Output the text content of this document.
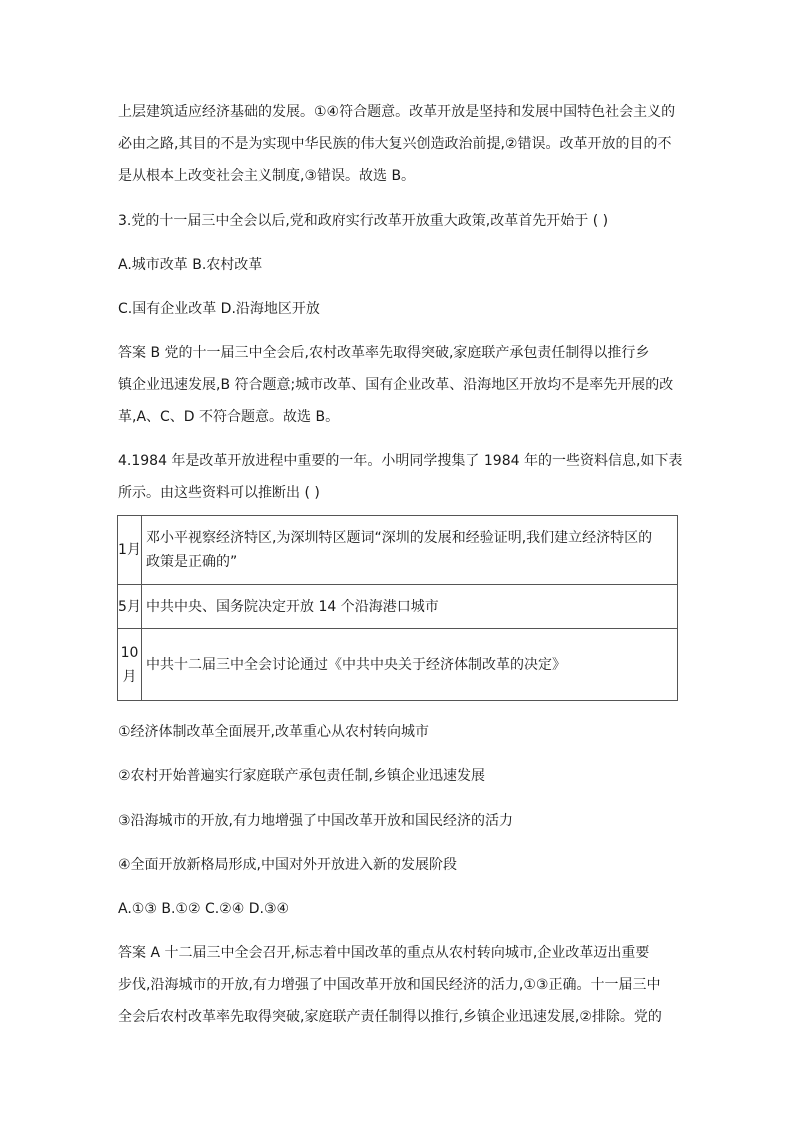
上层建筑适应经济基础的发展。①④符合题意。改革开放是坚持和发展中国特色社会主义的
必由之路,其目的不是为实现中华民族的伟大复兴创造政治前提,②错误。改革开放的目的不
是从根本上改变社会主义制度,③错误。故选 B。
3.党的十一届三中全会以后,党和政府实行改革开放重大政策,改革首先开始于 ( )
A.城市改革 B.农村改革
C.国有企业改革 D.沿海地区开放
答案 B 党的十一届三中全会后,农村改革率先取得突破,家庭联产承包责任制得以推行乡
镇企业迅速发展,B 符合题意;城市改革、国有企业改革、沿海地区开放均不是率先开展的改
革,A、C、D 不符合题意。故选 B。
4.1984 年是改革开放进程中重要的一年。小明同学搜集了 1984 年的一些资料信息,如下表
所示。由这些资料可以推断出 ( )
1月	邓小平视察经济特区,为深圳特区题词“深圳的发展和经验证明,我们建立经济特区的
政策是正确的”

5月	中共中央、国务院决定开放 14 个沿海港口城市

10月	中共十二届三中全会讨论通过《中共中央关于经济体制改革的决定》
①经济体制改革全面展开,改革重心从农村转向城市
②农村开始普遍实行家庭联产承包责任制,乡镇企业迅速发展
③沿海城市的开放,有力地增强了中国改革开放和国民经济的活力
④全面开放新格局形成,中国对外开放进入新的发展阶段
A.①③ B.①② C.②④ D.③④
答案 A 十二届三中全会召开,标志着中国改革的重点从农村转向城市,企业改革迈出重要
步伐,沿海城市的开放,有力增强了中国改革开放和国民经济的活力,①③正确。十一届三中
全会后农村改革率先取得突破,家庭联产责任制得以推行,乡镇企业迅速发展,②排除。党的
